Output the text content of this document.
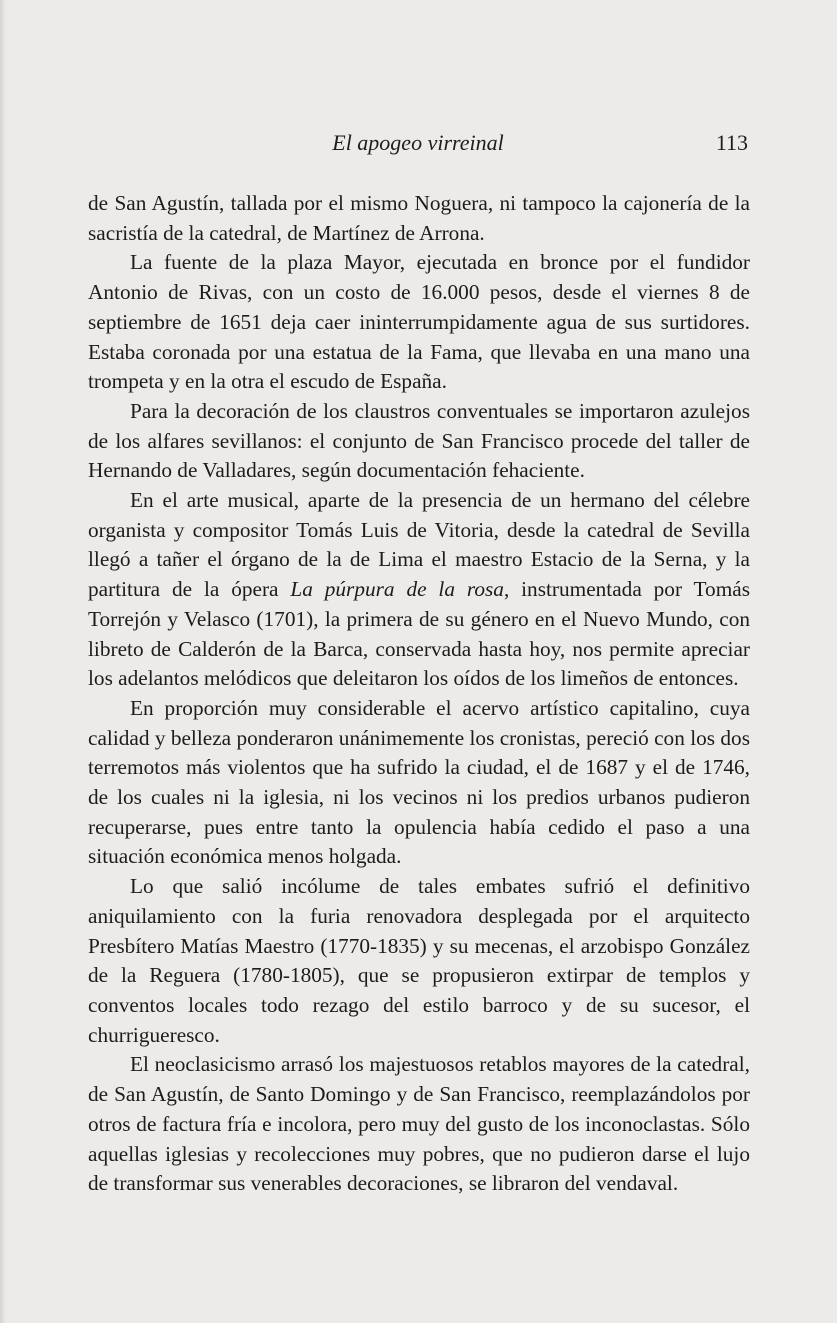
El apogeo virreinal	113

de San Agustín, tallada por el mismo Noguera, ni tampoco la cajonería de la sacristía de la catedral, de Martínez de Arrona.

La fuente de la plaza Mayor, ejecutada en bronce por el fundidor Antonio de Rivas, con un costo de 16.000 pesos, desde el viernes 8 de septiembre de 1651 deja caer ininterrumpidamente agua de sus surtidores. Estaba coronada por una estatua de la Fama, que llevaba en una mano una trompeta y en la otra el escudo de España.

Para la decoración de los claustros conventuales se importaron azulejos de los alfares sevillanos: el conjunto de San Francisco procede del taller de Hernando de Valladares, según documentación fehaciente.

En el arte musical, aparte de la presencia de un hermano del célebre organista y compositor Tomás Luis de Vitoria, desde la catedral de Sevilla llegó a tañer el órgano de la de Lima el maestro Estacio de la Serna, y la partitura de la ópera La púrpura de la rosa, instrumentada por Tomás Torrejón y Velasco (1701), la primera de su género en el Nuevo Mundo, con libreto de Calderón de la Barca, conservada hasta hoy, nos permite apreciar los adelantos melódicos que deleitaron los oídos de los limeños de entonces.

En proporción muy considerable el acervo artístico capitalino, cuya calidad y belleza ponderaron unánimemente los cronistas, pereció con los dos terremotos más violentos que ha sufrido la ciudad, el de 1687 y el de 1746, de los cuales ni la iglesia, ni los vecinos ni los predios urbanos pudieron recuperarse, pues entre tanto la opulencia había cedido el paso a una situación económica menos holgada.

Lo que salió incólume de tales embates sufrió el definitivo aniquilamiento con la furia renovadora desplegada por el arquitecto Presbítero Matías Maestro (1770-1835) y su mecenas, el arzobispo González de la Reguera (1780-1805), que se propusieron extirpar de templos y conventos locales todo rezago del estilo barroco y de su sucesor, el churrigueresco.

El neoclasicismo arrasó los majestuosos retablos mayores de la catedral, de San Agustín, de Santo Domingo y de San Francisco, reemplazándolos por otros de factura fría e incolora, pero muy del gusto de los inconoclastas. Sólo aquellas iglesias y recolecciones muy pobres, que no pudieron darse el lujo de transformar sus venerables decoraciones, se libraron del vendaval.
